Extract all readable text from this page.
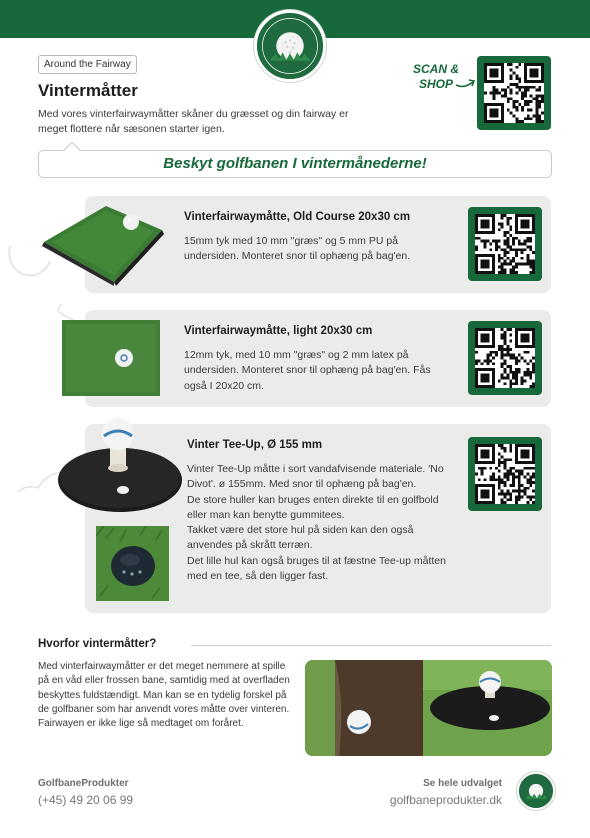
Around the Fairway
Vintermåtter
Med vores vinterfairwaymåtter skåner du græsset og din fairway er meget flottere når sæsonen starter igen.
SCAN &
SHOP
Beskyt golfbanen I vintermånederne!
Vinterfairwaymåtte, Old Course 20x30 cm
15mm tyk med 10 mm "græs" og 5 mm PU på undersiden. Monteret snor til ophæng på bag'en.
Vinterfairwaymåtte, light 20x30 cm
12mm tyk, med 10 mm "græs" og 2 mm latex på undersiden. Monteret snor til ophæng på bag'en. Fås også I 20x20 cm.
Vinter Tee-Up, Ø 155 mm
Vinter Tee-Up måtte i sort vandafvisende materiale. 'No Divot'. ø 155mm. Med snor til ophæng på bag'en.
De store huller kan bruges enten direkte til en golfbold eller man kan benytte gummitees.
Takket være det store hul på siden kan den også anvendes på skrått terræn.
Det lille hul kan også bruges til at fæstne Tee-up måtten med en tee, så den ligger fast.
Hvorfor vintermåtter?
Med vinterfairwaymåtter er det meget nemmere at spille på en våd eller frossen bane, samtidig med at overfladen beskyttes fuldstændigt. Man kan se en tydelig forskel på de golfbaner som har anvendt vores måtte over vinteren. Fairwayen er ikke lige så medtaget om foråret.
GolfbaneProdukter
(+45) 49 20 06 99
Se hele udvalget
golfbaneprodukter.dk
